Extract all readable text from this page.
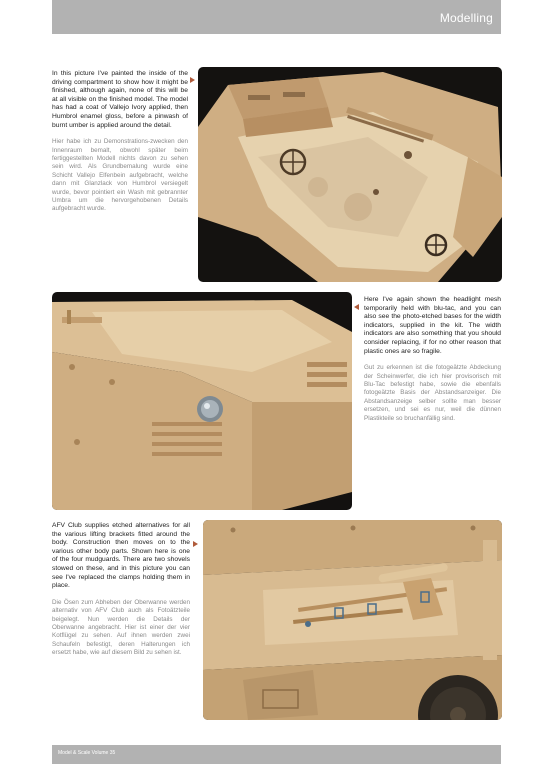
Modelling

In this picture I've painted the inside of the driving compartment to show how it might be finished, although again, none of this will be at all visible on the finished model. The model has had a coat of Vallejo Ivory applied, then Humbrol enamel gloss, before a pinwash of burnt umber is applied around the detail.

Hier habe ich zu Demonstrations-zwecken den Innenraum bemalt, obwohl später beim fertiggestellten Modell nichts davon zu sehen sein wird. Als Grundbemalung wurde eine Schicht Vallejo Elfenbein aufgebracht, welche dann mit Glanzlack von Humbrol versiegelt wurde, bevor pointiert ein Wash mit gebrannter Umbra um die hervorgehobenen Details aufgebracht wurde.

Here I've again shown the headlight mesh temporarily held with blu-tac, and you can also see the photo-etched bases for the width indicators, supplied in the kit. The width indicators are also something that you should consider replacing, if for no other reason that plastic ones are so fragile.

Gut zu erkennen ist die fotogeätzte Abdeckung der Scheinwerfer, die ich hier provisorisch mit Blu-Tac befestigt habe, sowie die ebenfalls fotogeätzte Basis der Abstandsanzeiger. Die Abstandsanzeige selber sollte man besser ersetzen, und sei es nur, weil die dünnen Plastikteile so bruchanfällig sind.

AFV Club supplies etched alternatives for all the various lifting brackets fitted around the body. Construction then moves on to the various other body parts. Shown here is one of the four mudguards. There are two shovels stowed on these, and in this picture you can see I've replaced the clamps holding them in place.

Die Ösen zum Abheben der Oberwanne werden alternativ von AFV Club auch als Fotoätzteile beigelegt. Nun werden die Details der Oberwanne angebracht. Hier ist einer der vier Kotflügel zu sehen. Auf ihnen werden zwei Schaufeln befestigt, deren Halterungen ich ersetzt habe, wie auf diesem Bild zu sehen ist.

Model & Scale Volume 35
